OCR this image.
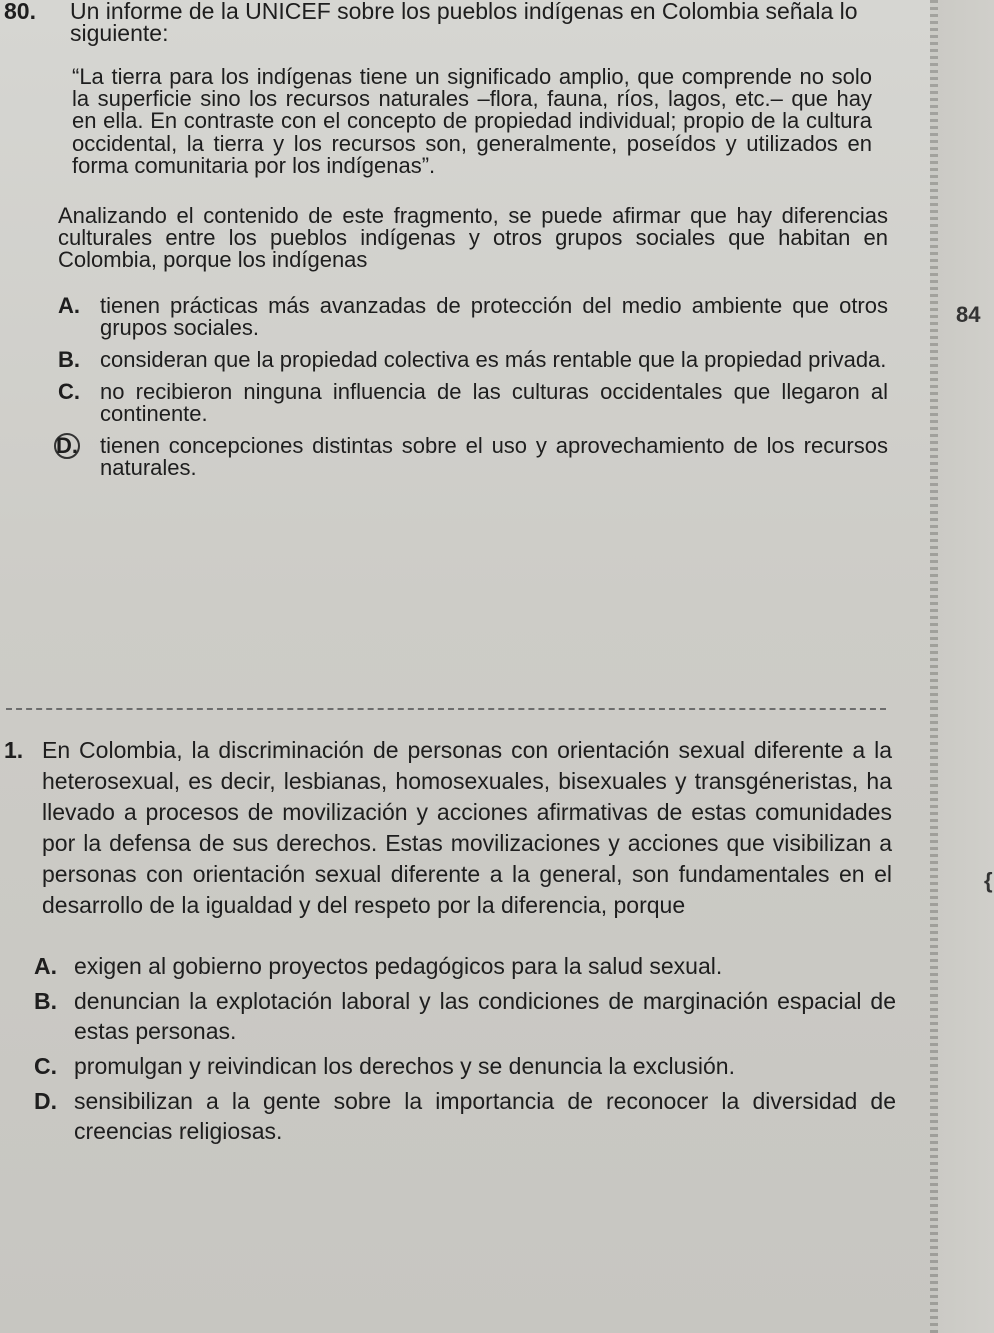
80. Un informe de la UNICEF sobre los pueblos indígenas en Colombia señala lo siguiente:
“La tierra para los indígenas tiene un significado amplio, que comprende no solo la superficie sino los recursos naturales –flora, fauna, ríos, lagos, etc.– que hay en ella. En contraste con el concepto de propiedad individual; propio de la cultura occidental, la tierra y los recursos son, generalmente, poseídos y utilizados en forma comunitaria por los indígenas”.
Analizando el contenido de este fragmento, se puede afirmar que hay diferencias culturales entre los pueblos indígenas y otros grupos sociales que habitan en Colombia, porque los indígenas
A. tienen prácticas más avanzadas de protección del medio ambiente que otros grupos sociales.
B. consideran que la propiedad colectiva es más rentable que la propiedad privada.
C. no recibieron ninguna influencia de las culturas occidentales que llegaron al continente.
D. tienen concepciones distintas sobre el uso y aprovechamiento de los recursos naturales.
1. En Colombia, la discriminación de personas con orientación sexual diferente a la heterosexual, es decir, lesbianas, homosexuales, bisexuales y transgéneristas, ha llevado a procesos de movilización y acciones afirmativas de estas comunidades por la defensa de sus derechos. Estas movilizaciones y acciones que visibilizan a personas con orientación sexual diferente a la general, son fundamentales en el desarrollo de la igualdad y del respeto por la diferencia, porque
A. exigen al gobierno proyectos pedagógicos para la salud sexual.
B. denuncian la explotación laboral y las condiciones de marginación espacial de estas personas.
C. promulgan y reivindican los derechos y se denuncia la exclusión.
D. sensibilizan a la gente sobre la importancia de reconocer la diversidad de creencias religiosas.
84
{
